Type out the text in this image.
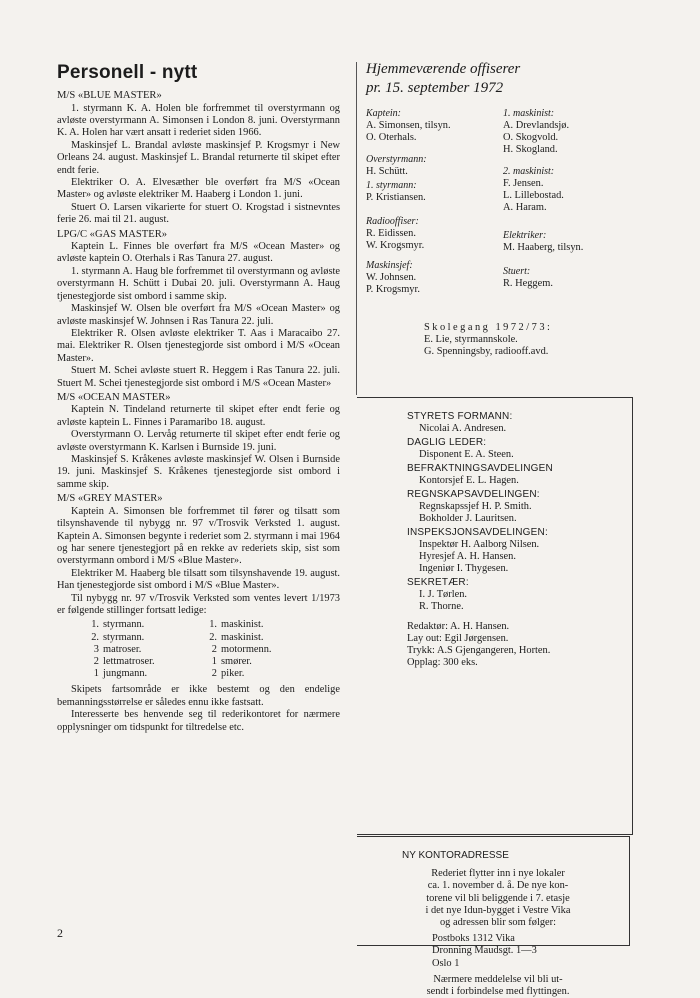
Personell - nytt
M/S «BLUE MASTER»

1. styrmann K. A. Holen ble forfremmet til overstyrmann og avløste overstyrmann A. Simonsen i London 8. juni. Overstyrmann K. A. Holen har vært ansatt i rederiet siden 1966.

Maskinsjef L. Brandal avløste maskinsjef P. Krogsmyr i New Orleans 24. august. Maskinsjef L. Brandal returnerte til skipet efter endt ferie.

Elektriker O. A. Elvesæther ble overført fra M/S «Ocean Master» og avløste elektriker M. Haaberg i London 1. juni.

Stuert O. Larsen vikarierte for stuert O. Krogstad i sistnevntes ferie 26. mai til 21. august.

LPG/C «GAS MASTER»

Kaptein L. Finnes ble overført fra M/S «Ocean Master» og avløste kaptein O. Oterhals i Ras Tanura 27. august.

1. styrmann A. Haug ble forfremmet til overstyrmann og avløste overstyrmann H. Schütt i Dubai 20. juli. Overstyrmann A. Haug tjenestegjorde sist ombord i samme skip.

Maskinsjef W. Olsen ble overført fra M/S «Ocean Master» og avløste maskinsjef W. Johnsen i Ras Tanura 22. juli.

Elektriker R. Olsen avløste elektriker T. Aas i Maracaibo 27. mai. Elektriker R. Olsen tjenestegjorde sist ombord i M/S «Ocean Master».

Stuert M. Schei avløste stuert R. Heggem i Ras Tanura 22. juli. Stuert M. Schei tjenestegjorde sist ombord i M/S «Ocean Master»

M/S «OCEAN MASTER»

Kaptein N. Tindeland returnerte til skipet efter endt ferie og avløste kaptein L. Finnes i Paramaribo 18. august.

Overstyrmann O. Lervåg returnerte til skipet efter endt ferie og avløste overstyrmann K. Karlsen i Burnside 19. juni.

Maskinsjef S. Kråkenes avløste maskinsjef W. Olsen i Burnside 19. juni. Maskinsjef S. Kråkenes tjenestegjorde sist ombord i samme skip.

M/S «GREY MASTER»

Kaptein A. Simonsen ble forfremmet til fører og tilsatt som tilsynshavende til nybygg nr. 97 v/Trosvik Verksted 1. august. Kaptein A. Simonsen begynte i rederiet som 2. styrmann i mai 1964 og har senere tjenestegjort på en rekke av rederiets skip, sist som overstyrmann ombord i M/S «Blue Master».

Elektriker M. Haaberg ble tilsatt som tilsynshavende 19. august. Han tjenestegjorde sist ombord i M/S «Blue Master».

Til nybygg nr. 97 v/Trosvik Verksted som ventes levert 1/1973 er følgende stillinger fortsatt ledige:

1.	styrmann.	1.	maskinist.
2.	styrmann.	2.	maskinist.
3	matroser.	2	motormenn.
2	lettmatroser.	1	smører.
1	jungmann.	2	piker.

Skipets fartsområde er ikke bestemt og den endelige bemanningsstørrelse er således ennu ikke fastsatt.

Interesserte bes henvende seg til rederikontoret for nærmere opplysninger om tidspunkt for tiltredelse etc.

2
Hjemmeværende offiserer
pr. 15. september 1972
Kaptein:
A. Simonsen, tilsyn.
O. Oterhals.
Overstyrmann:
H. Schütt.
1. styrmann:
P. Kristiansen.
Radiooffiser:
R. Eidissen.
W. Krogsmyr.
Maskinsjef:
W. Johnsen.
P. Krogsmyr.
1. maskinist:
A. Drevlandsjø.
O. Skogvold.
H. Skogland.
2. maskinist:
F. Jensen.
L. Lillebostad.
A. Haram.
Elektriker:
M. Haaberg, tilsyn.
Stuert:
R. Heggem.
Skolegang 1972/73:
E. Lie, styrmannskole.
G. Spenningsby, radiooff.avd.
STYRETS FORMANN:
Nicolai A. Andresen.
DAGLIG LEDER:
Disponent E. A. Steen.
BEFRAKTNINGSAVDELINGEN
Kontorsjef E. L. Hagen.
REGNSKAPSAVDELINGEN:
Regnskapssjef H. P. Smith.
Bokholder J. Lauritsen.
INSPEKSJONSAVDELINGEN:
Inspektør H. Aalborg Nilsen.
Hyresjef A. H. Hansen.
Ingeniør I. Thygesen.
SEKRETÆR:
I. J. Tørlen.
R. Thorne.
Redaktør: A. H. Hansen.
Lay out: Egil Jørgensen.
Trykk: A.S Gjengangeren, Horten.
Opplag: 300 eks.
NY KONTORADRESSE
Rederiet flytter inn i nye lokaler
ca. 1. november d. å. De nye kon-
torene vil bli beliggende i 7. etasje
i det nye Idun-bygget i Vestre Vika
og adressen blir som følger:
Postboks 1312 Vika
Dronning Maudsgt. 1—3
Oslo 1
Nærmere meddelelse vil bli ut-
sendt i forbindelse med flyttingen.
